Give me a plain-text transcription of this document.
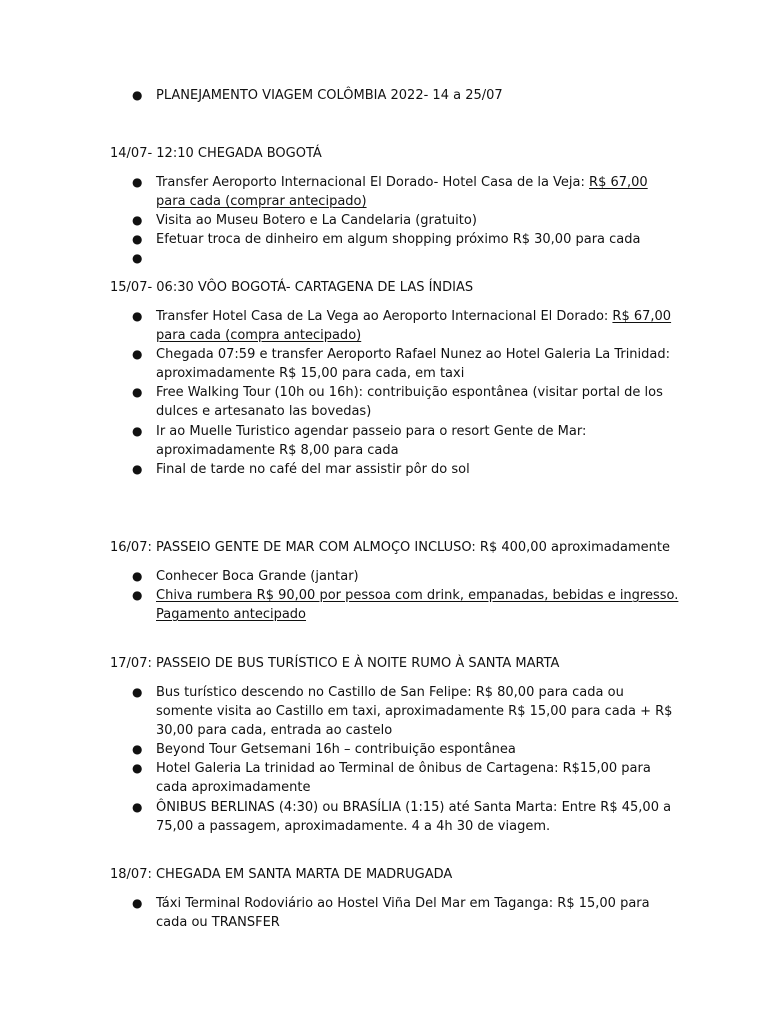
● PLANEJAMENTO VIAGEM COLÔMBIA 2022- 14 a 25/07
14/07- 12:10 CHEGADA BOGOTÁ
● Transfer Aeroporto Internacional El Dorado- Hotel Casa de la Veja: R$ 67,00
para cada (comprar antecipado)
● Visita ao Museu Botero e La Candelaria (gratuito)
● Efetuar troca de dinheiro em algum shopping próximo R$ 30,00 para cada
●
15/07- 06:30 VÔO BOGOTÁ- CARTAGENA DE LAS ÍNDIAS
● Transfer Hotel Casa de La Vega ao Aeroporto Internacional El Dorado: R$ 67,00
para cada (compra antecipado)
● Chegada 07:59 e transfer Aeroporto Rafael Nunez ao Hotel Galeria La Trinidad:
aproximadamente R$ 15,00 para cada, em taxi
● Free Walking Tour (10h ou 16h): contribuição espontânea (visitar portal de los
dulces e artesanato las bovedas)
● Ir ao Muelle Turistico agendar passeio para o resort Gente de Mar:
aproximadamente R$ 8,00 para cada
● Final de tarde no café del mar assistir pôr do sol
16/07: PASSEIO GENTE DE MAR COM ALMOÇO INCLUSO: R$ 400,00 aproximadamente
● Conhecer Boca Grande (jantar)
● Chiva rumbera R$ 90,00 por pessoa com drink, empanadas, bebidas e ingresso.
Pagamento antecipado
17/07: PASSEIO DE BUS TURÍSTICO E À NOITE RUMO À SANTA MARTA
● Bus turístico descendo no Castillo de San Felipe: R$ 80,00 para cada ou
somente visita ao Castillo em taxi, aproximadamente R$ 15,00 para cada + R$
30,00 para cada, entrada ao castelo
● Beyond Tour Getsemani 16h – contribuição espontânea
● Hotel Galeria La trinidad ao Terminal de ônibus de Cartagena: R$15,00 para
cada aproximadamente
● ÔNIBUS BERLINAS (4:30) ou BRASÍLIA (1:15) até Santa Marta: Entre R$ 45,00 a
75,00 a passagem, aproximadamente. 4 a 4h 30 de viagem.
18/07: CHEGADA EM SANTA MARTA DE MADRUGADA
● Táxi Terminal Rodoviário ao Hostel Viña Del Mar em Taganga: R$ 15,00 para
cada ou TRANSFER
